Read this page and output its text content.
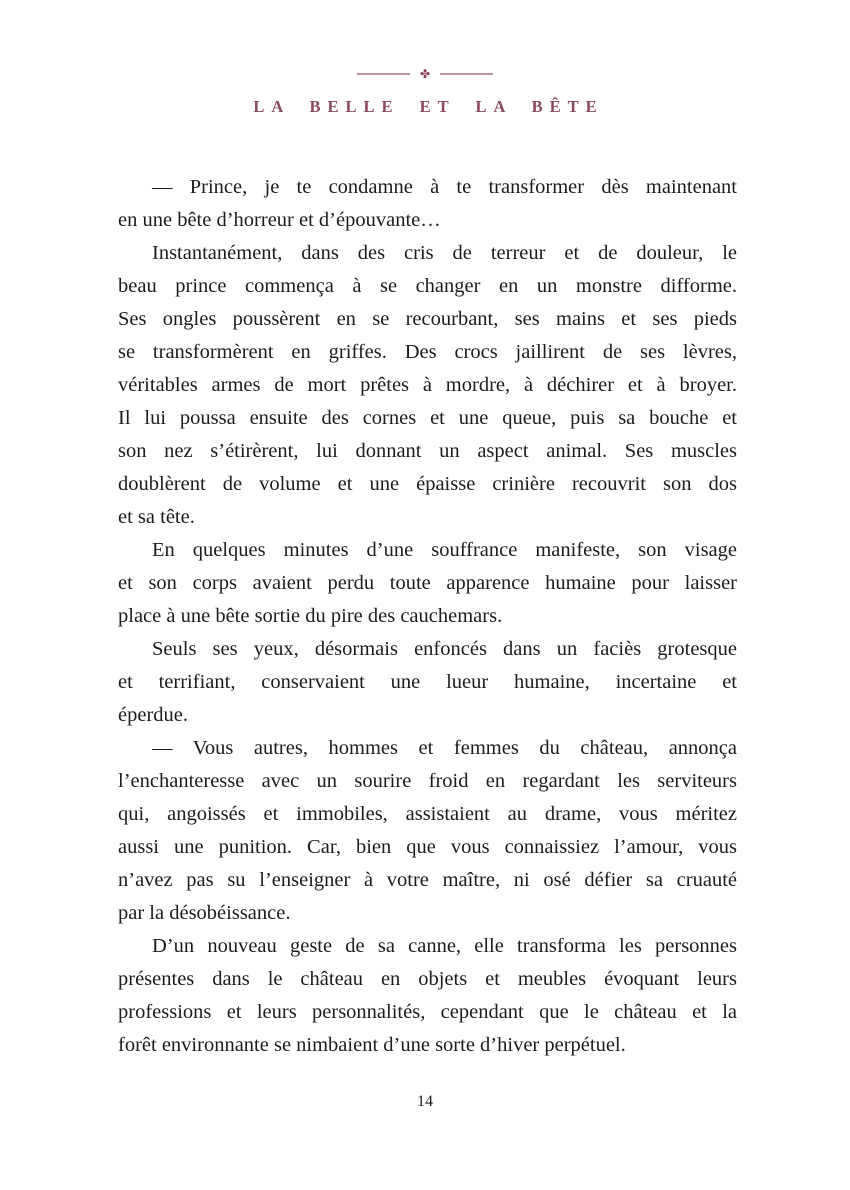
✤
LA BELLE ET LA BÊTE

— Prince, je te condamne à te transformer dès maintenant
en une bête d’horreur et d’épouvante…

Instantanément, dans des cris de terreur et de douleur, le
beau prince commença à se changer en un monstre difforme.
Ses ongles poussèrent en se recourbant, ses mains et ses pieds
se transformèrent en griffes. Des crocs jaillirent de ses lèvres,
véritables armes de mort prêtes à mordre, à déchirer et à broyer.
Il lui poussa ensuite des cornes et une queue, puis sa bouche et
son nez s’étirèrent, lui donnant un aspect animal. Ses muscles
doublèrent de volume et une épaisse crinière recouvrit son dos
et sa tête.

En quelques minutes d’une souffrance manifeste, son visage
et son corps avaient perdu toute apparence humaine pour laisser
place à une bête sortie du pire des cauchemars.

Seuls ses yeux, désormais enfoncés dans un faciès grotesque
et terrifiant, conservaient une lueur humaine, incertaine et
éperdue.

— Vous autres, hommes et femmes du château, annonça
l’enchanteresse avec un sourire froid en regardant les serviteurs
qui, angoissés et immobiles, assistaient au drame, vous méritez
aussi une punition. Car, bien que vous connaissiez l’amour, vous
n’avez pas su l’enseigner à votre maître, ni osé défier sa cruauté
par la désobéissance.

D’un nouveau geste de sa canne, elle transforma les personnes
présentes dans le château en objets et meubles évoquant leurs
professions et leurs personnalités, cependant que le château et la
forêt environnante se nimbaient d’une sorte d’hiver perpétuel.

14
